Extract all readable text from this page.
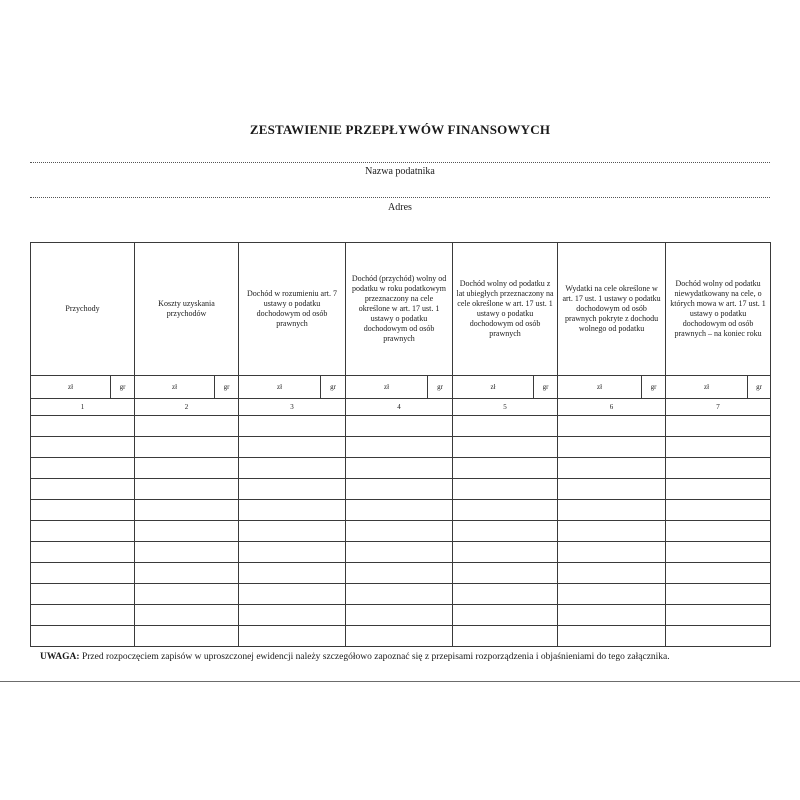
ZESTAWIENIE PRZEPŁYWÓW FINANSOWYCH
Nazwa podatnika
Adres
Przychody		Koszty uzyskania przychodów		Dochód w rozumieniu art. 7 ustawy o podatku dochodowym od osób prawnych		Dochód (przychód) wolny od podatku w roku podatkowym przeznaczony na cele określone w art. 17 ust. 1 ustawy o podatku dochodowym od osób prawnych		Dochód wolny od podatku z lat ubiegłych przeznaczony na cele określone w art. 17 ust. 1 ustawy o podatku dochodowym od osób prawnych		Wydatki na cele określone w art. 17 ust. 1 ustawy o podatku dochodowym od osób prawnych pokryte z dochodu wolnego od podatku		Dochód wolny od podatku niewydatkowany na cele, o których mowa w art. 17 ust. 1 ustawy o podatku dochodowym od osób prawnych – na koniec roku	

zł	gr	zł	gr	zł	gr	zł	gr	zł	gr	zł	gr	zł	gr
1		2		3		4		5		6		7	

UWAGA: Przed rozpoczęciem zapisów w uproszczonej ewidencji należy szczegółowo zapoznać się z przepisami rozporządzenia i objaśnieniami do tego załącznika.
